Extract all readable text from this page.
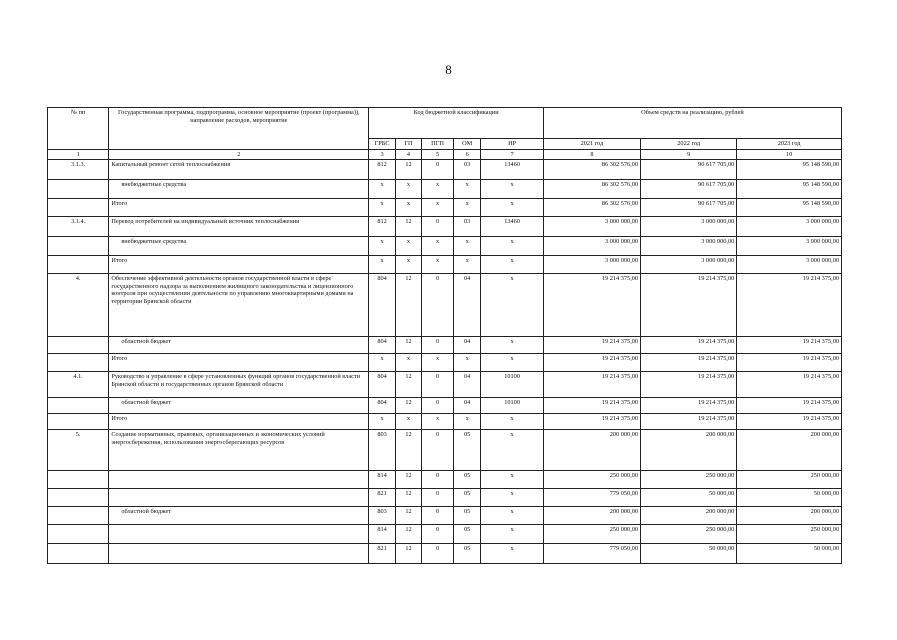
8
№ пп	Государственная программа, подпрограмма, основное мероприятие (проект (программа)), направление расходов, мероприятие	Код бюджетной классификации					Объем средств на реализацию, рублей		
		ГРБС	ГП	ПГП	ОМ	НР	2021 год	2022 год	2023 год
1	2	3	4	5	6	7	8	9	10
3.1.3.	Капитальный ремонт сетей теплоснабжения	812	12	0	03	13460	86 302 576,00	90 617 705,00	95 148 590,00
	внебюджетные средства	х	х	х	х	х	86 302 576,00	90 617 705,00	95 148 590,00
	Итого	х	х	х	х	х	86 302 576,00	90 617 705,00	95 148 590,00
3.1.4.	Перевод потребителей на индивидуальный источник теплоснабжения	812	12	0	03	13460	3 000 000,00	3 000 000,00	3 000 000,00
	внебюджетные средства	х	х	х	х	х	3 000 000,00	3 000 000,00	3 000 000,00
	Итого	х	х	х	х	х	3 000 000,00	3 000 000,00	3 000 000,00
4.	Обеспечение эффективной деятельности органов государственной власти в сфере государственного надзора за выполнением жилищного законодательства и лицензионного контроля при осуществлении деятельности по управлению многоквартирными домами на территории Брянской области	804	12	0	04	х	19 214 375,00	19 214 375,00	19 214 375,00
	областной бюджет	804	12	0	04	х	19 214 375,00	19 214 375,00	19 214 375,00
	Итого	х	х	х	х	х	19 214 375,00	19 214 375,00	19 214 375,00
4.1.	Руководство и управление в сфере установленных функций органов государственной власти Брянской области и государственных органов Брянской области	804	12	0	04	10100	19 214 375,00	19 214 375,00	19 214 375,00
	областной бюджет	804	12	0	04	10100	19 214 375,00	19 214 375,00	19 214 375,00
	Итого	х	х	х	х	х	19 214 375,00	19 214 375,00	19 214 375,00
5.	Создание нормативных, правовых, организационных и экономических условий энергосбережения, использования энергосберегающих ресурсов	803	12	0	05	х	200 000,00	200 000,00	200 000,00
		814	12	0	05	х	250 000,00	250 000,00	250 000,00
		821	12	0	05	х	779 050,00	50 000,00	50 000,00
	областной бюджет	803	12	0	05	х	200 000,00	200 000,00	200 000,00
		814	12	0	05	х	250 000,00	250 000,00	250 000,00
		821	12	0	05	х	779 050,00	50 000,00	50 000,00
